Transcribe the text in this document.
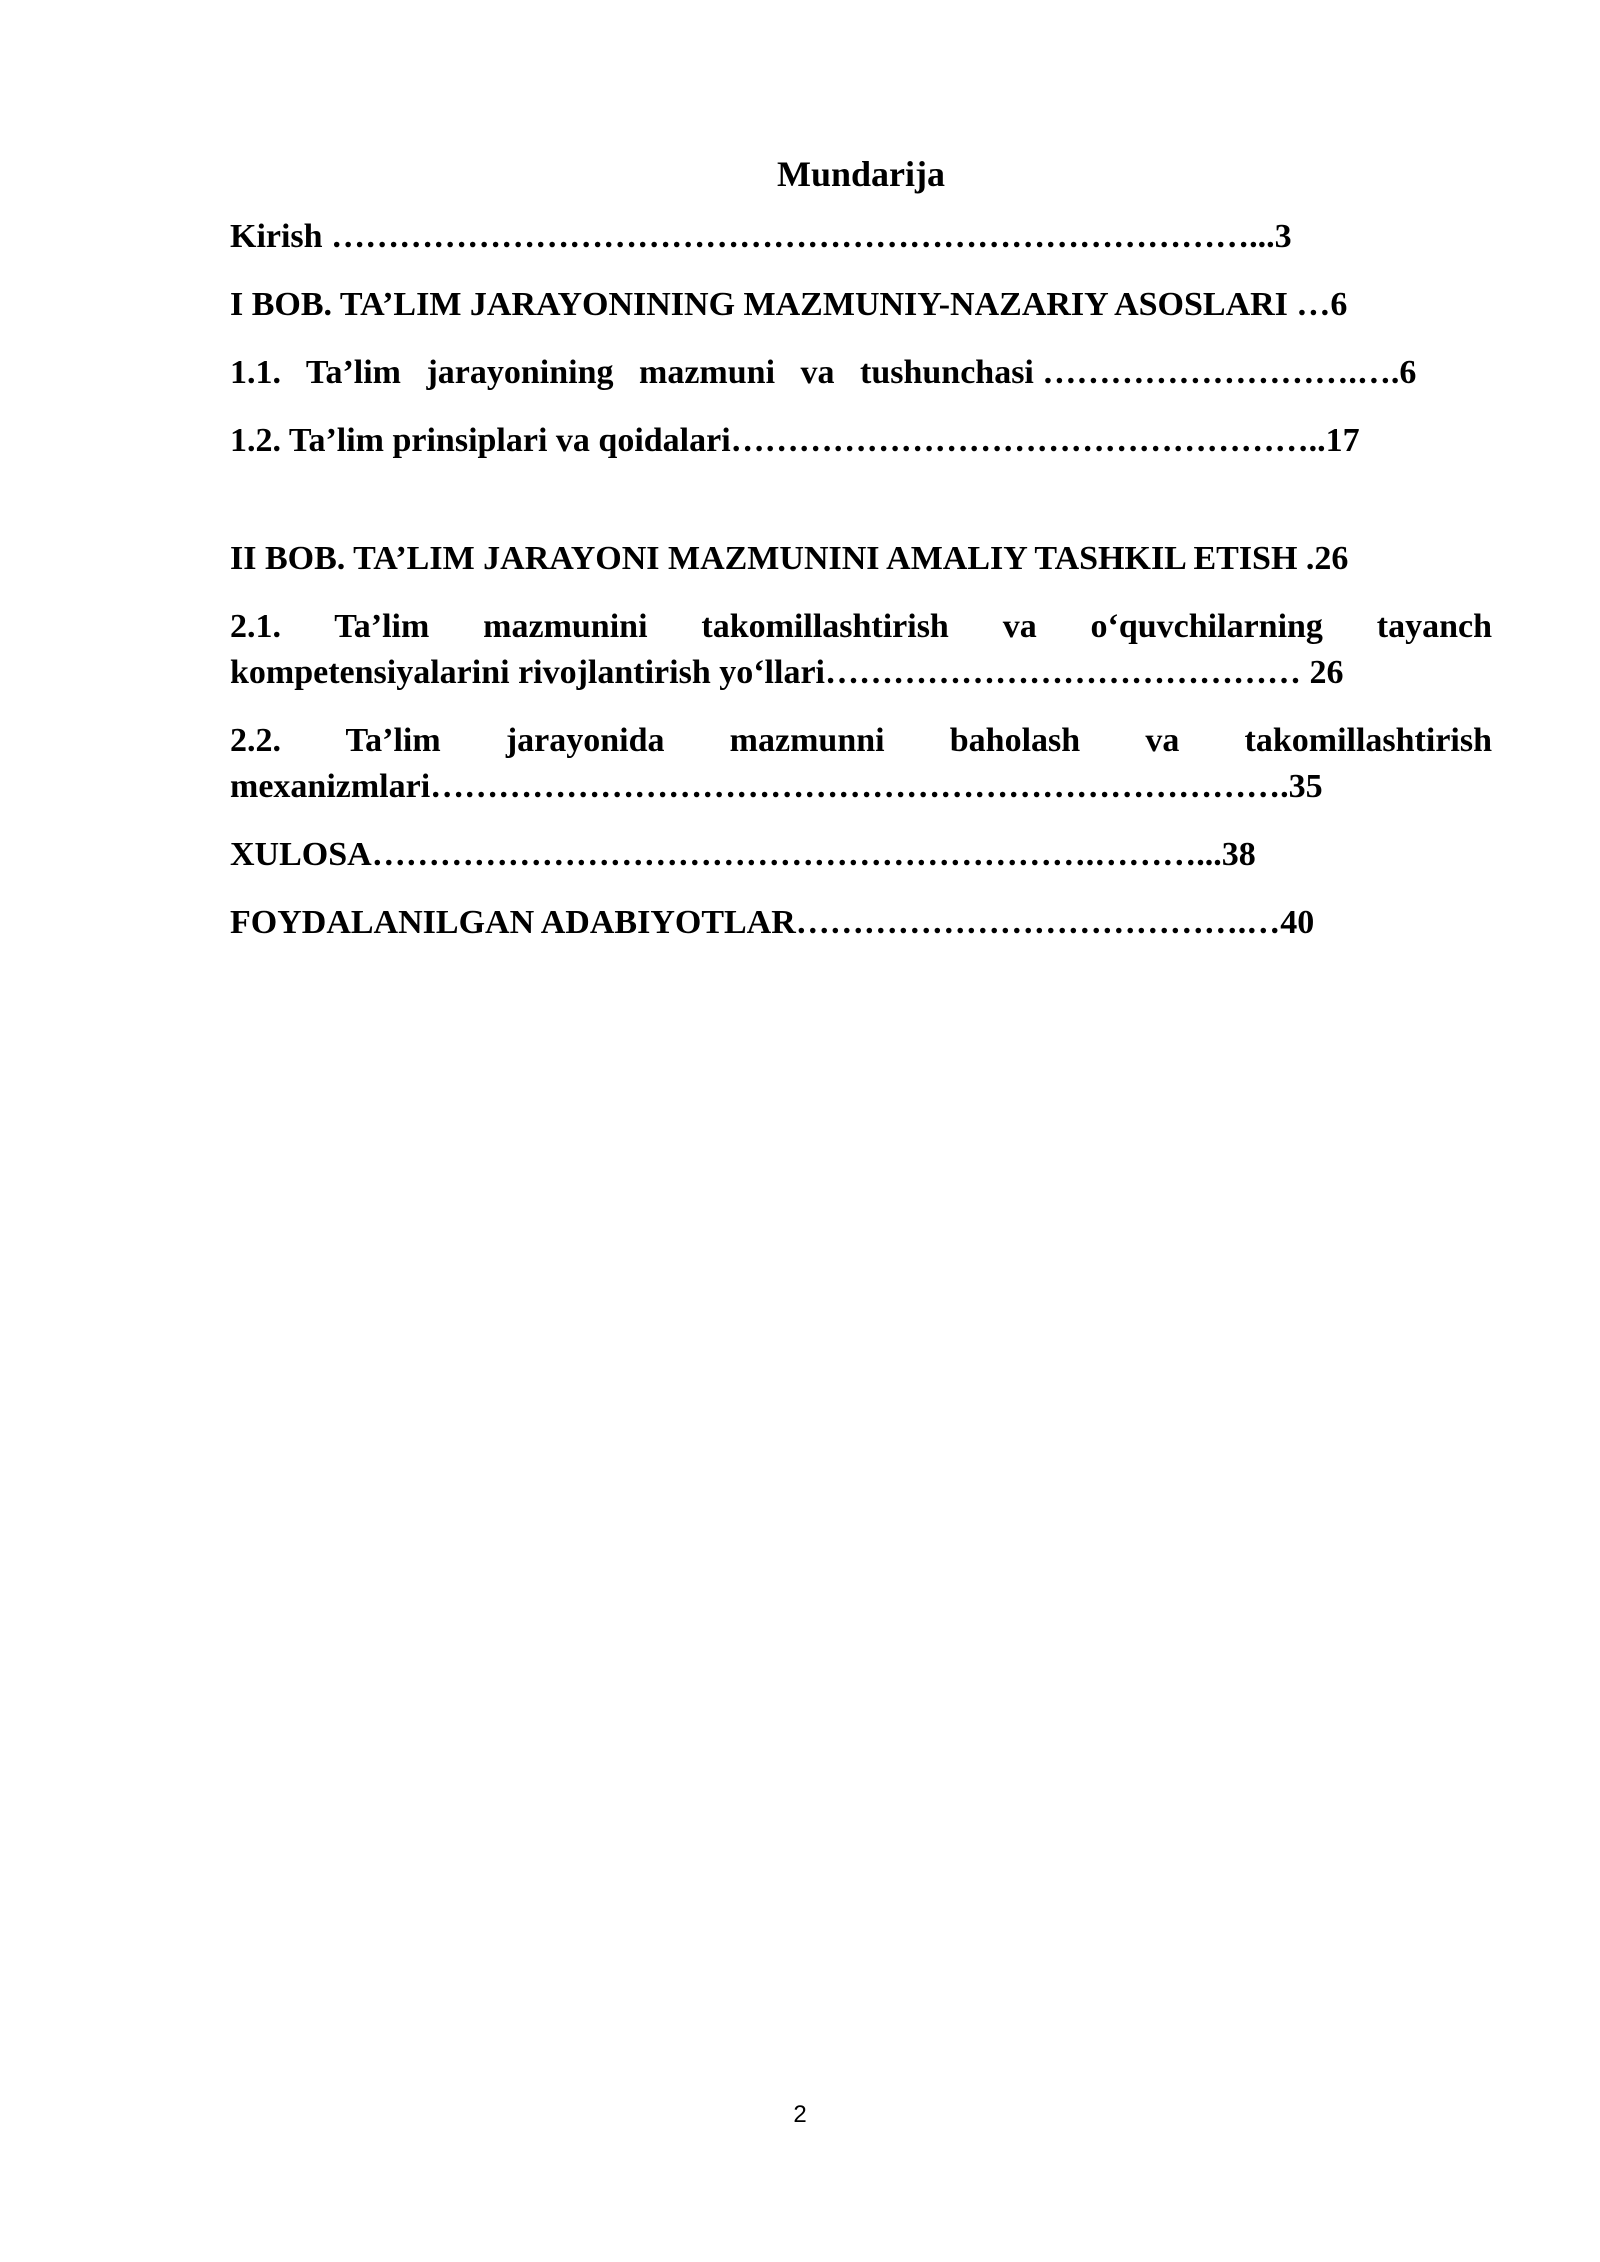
Mundarija
Kirish ………………………………………………………………………...3
I BOB. TA’LIM JARAYONINING MAZMUNIY-NAZARIY ASOSLARI …6
1.1.   Ta’lim   jarayonining   mazmuni   va   tushunchasi ……………………….….6
1.2. Ta’lim prinsiplari va qoidalari……………………………………………..17
II BOB. TA’LIM JARAYONI MAZMUNINI AMALIY TASHKIL ETISH .26
2.1. Ta’lim mazmunini takomillashtirish va o‘quvchilarning tayanch kompetensiyalarini rivojlantirish yo‘llari…………………………………… 26
2.2. Ta’lim jarayonida mazmunni baholash va takomillashtirish mexanizmlari………………………………………………………………….35
XULOSA……………………………………………………….………...38
FOYDALANILGAN ADABIYOTLAR………………………………….…40
2
